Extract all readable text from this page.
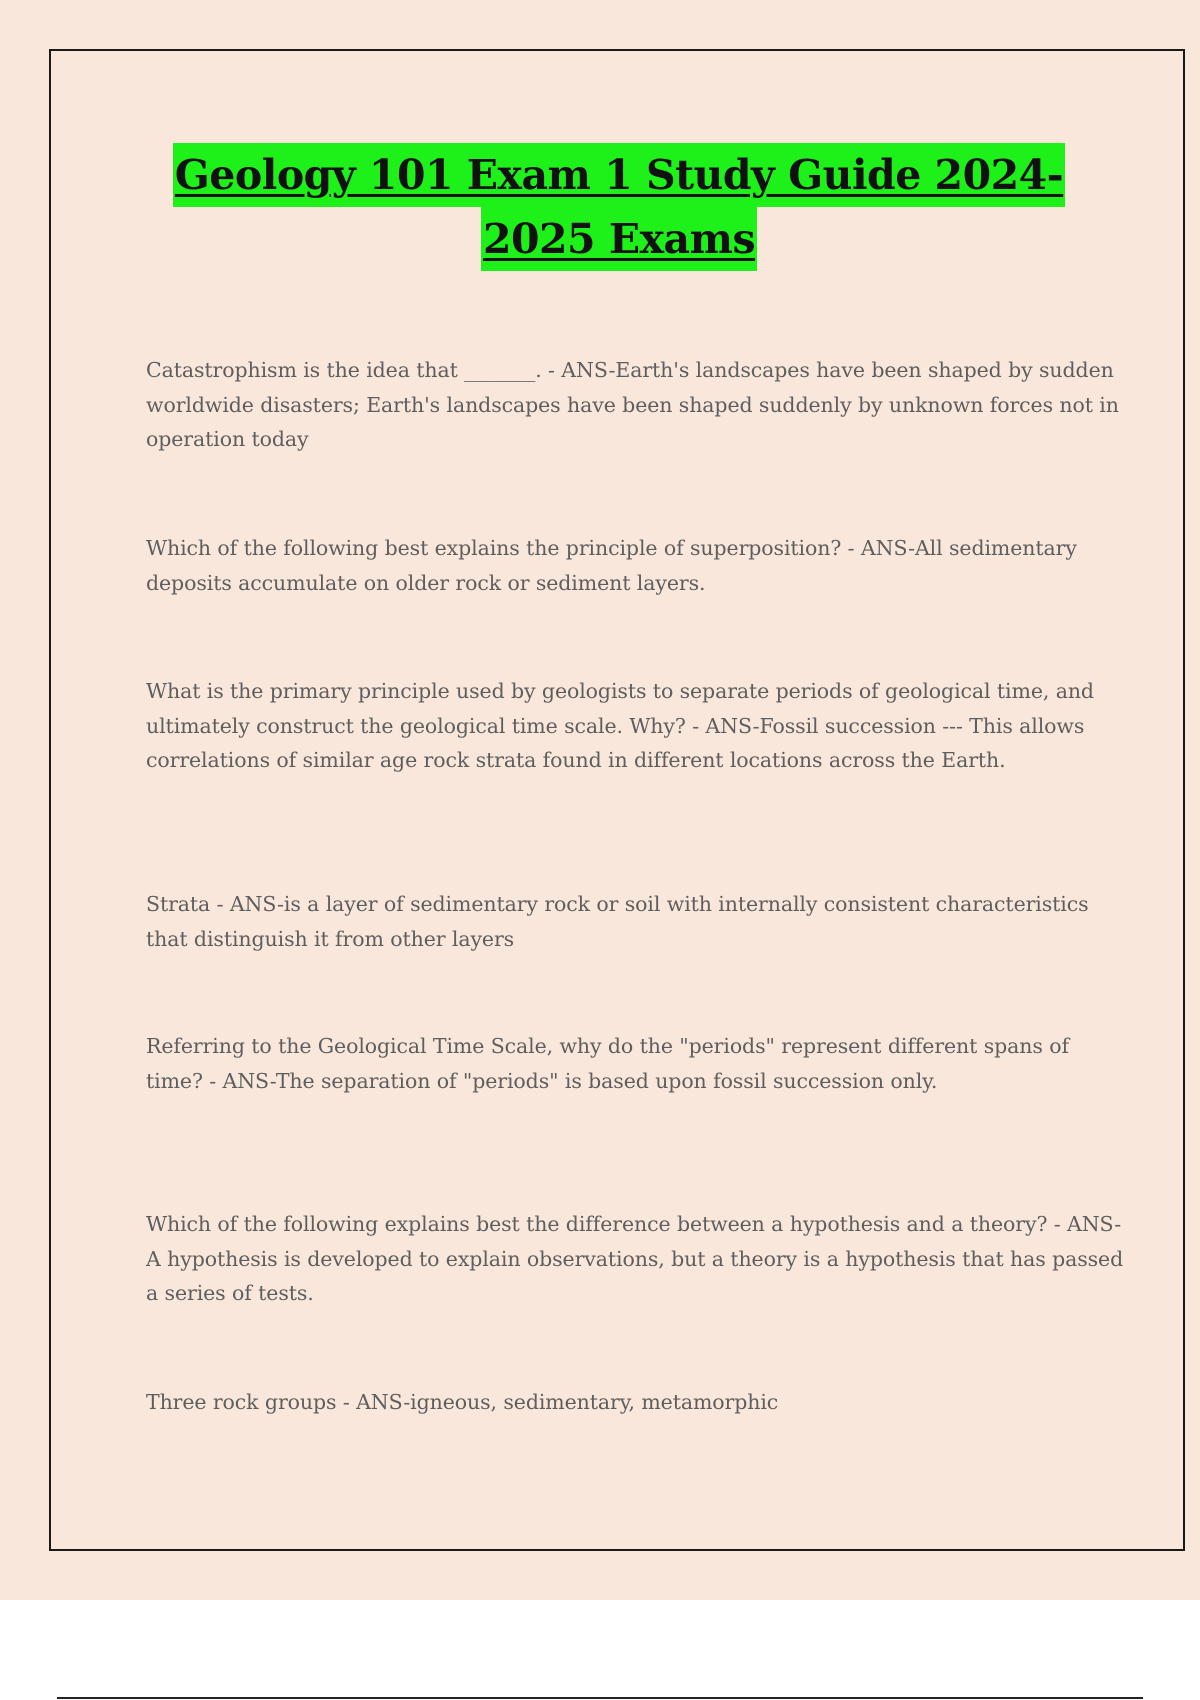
Geology 101 Exam 1 Study Guide 2024-
2025 Exams
Catastrophism is the idea that _______. - ANS-Earth's landscapes have been shaped by sudden worldwide disasters; Earth's landscapes have been shaped suddenly by unknown forces not in operation today
Which of the following best explains the principle of superposition? - ANS-All sedimentary deposits accumulate on older rock or sediment layers.
What is the primary principle used by geologists to separate periods of geological time, and ultimately construct the geological time scale. Why? - ANS-Fossil succession --- This allows correlations of similar age rock strata found in different locations across the Earth.
Strata - ANS-is a layer of sedimentary rock or soil with internally consistent characteristics that distinguish it from other layers
Referring to the Geological Time Scale, why do the "periods" represent different spans of time? - ANS-The separation of "periods" is based upon fossil succession only.
Which of the following explains best the difference between a hypothesis and a theory? - ANS-A hypothesis is developed to explain observations, but a theory is a hypothesis that has passed a series of tests.
Three rock groups - ANS-igneous, sedimentary, metamorphic
